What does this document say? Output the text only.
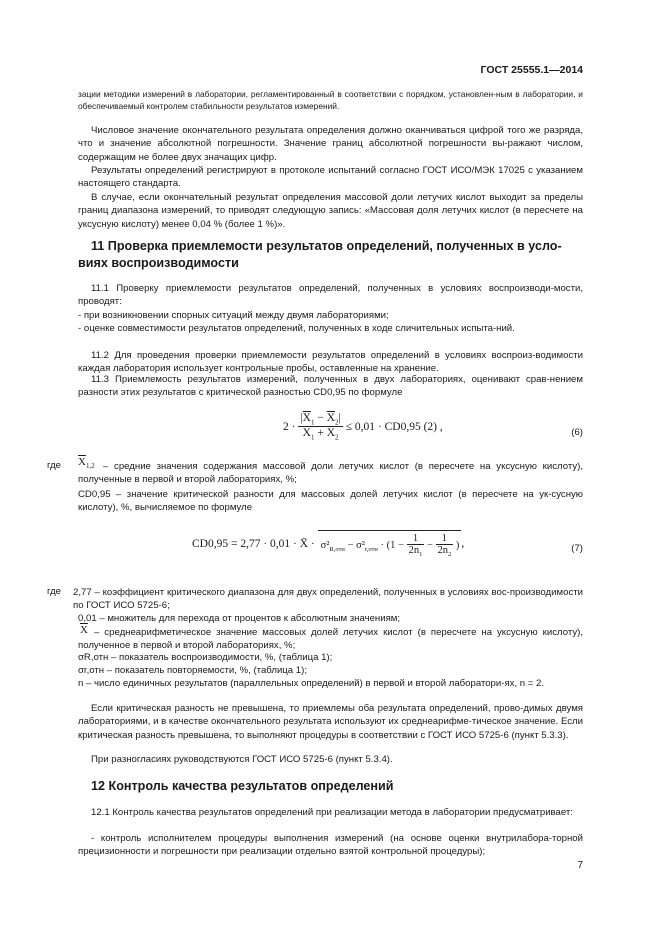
ГОСТ 25555.1—2014

зации методики измерений в лаборатории, регламентированный в соответствии с порядком, установлен-ным в лаборатории, и обеспечиваемый контролем стабильности результатов измерений.

Числовое значение окончательного результата определения должно оканчиваться цифрой того же разряда, что и значение абсолютной погрешности. Значение границ абсолютной погрешности вы-ражают числом, содержащим не более двух значащих цифр.

Результаты определений регистрируют в протоколе испытаний согласно ГОСТ ИСО/МЭК 17025 с указанием настоящего стандарта.

В случае, если окончательный результат определения массовой доли летучих кислот выходит за пределы границ диапазона измерений, то приводят следующую запись: «Массовая доля летучих кислот (в пересчете на уксусную кислоту) менее 0,04 % (более 1 %)».

11 Проверка приемлемости результатов определений, полученных в усло-виях воспроизводимости

11.1 Проверку приемлемости результатов определений, полученных в условиях воспроизводи-мости, проводят:

- при возникновении спорных ситуаций между двумя лабораториями;

- оценке совместимости результатов определений, полученных в ходе сличительных испыта-ний.

11.2 Для проведения проверки приемлемости результатов определений в условиях воспроиз-водимости каждая лаборатория использует контрольные пробы, оставленные на хранение.

11.3 Приемлемость результатов измерений, полученных в двух лабораториях, оценивают срав-нением разности этих результатов с критической разностью CD0,95 по формуле

$2 \cdot \frac{|\overline{X}_1 - \overline{X}_2|}{\overline{X}_1 + \overline{X}_2} \le 0,01 \cdot CD0,95$ (2) ,	(6)
где $\overline{X}_{1,2}$ – средние значения содержания массовой доли летучих кислот (в пересчете на уксусную кислоту), полученные в первой и второй лабораториях, %;

CD0,95 – значение критической разности для массовых долей летучих кислот (в пересчете на ук-сусную кислоту), %, вычисляемое по формуле

CD0,95 = 2,77 · 0,01 · X̄ · $\sigma^2_{R,отн} - \sigma^2_{r,отн} \cdot (1 - \frac{1}{2n_1} - \frac{1}{2n_2}$ ),	(7)
где 2,77 – коэффициент критического диапазона для двух определений, полученных в условиях вос-производимости по ГОСТ ИСО 5725-6;

0,01 – множитель для перехода от процентов к абсолютным значениям;

$\overline{X}$ – среднеарифметическое значение массовых долей летучих кислот (в пересчете на уксусную кислоту), полученное в первой и второй лабораториях, %;

σR,отн – показатель воспроизводимости, %, (таблица 1);

σr,отн – показатель повторяемости, %, (таблица 1);

n – число единичных результатов (параллельных определений) в первой и второй лаборатори-ях, n = 2.

Если критическая разность не превышена, то приемлемы оба результата определений, прово-димых двумя лабораториями, и в качестве окончательного результата используют их среднеарифме-тическое значение. Если критическая разность превышена, то выполняют процедуры в соответствии с ГОСТ ИСО 5725-6 (пункт 5.3.3).

При разногласиях руководствуются ГОСТ ИСО 5725-6 (пункт 5.3.4).

12 Контроль качества результатов определений

12.1 Контроль качества результатов определений при реализации метода в лаборатории предусматривает:

- контроль исполнителем процедуры выполнения измерений (на основе оценки внутрилабора-торной прецизионности и погрешности при реализации отдельно взятой контрольной процедуры);

7
